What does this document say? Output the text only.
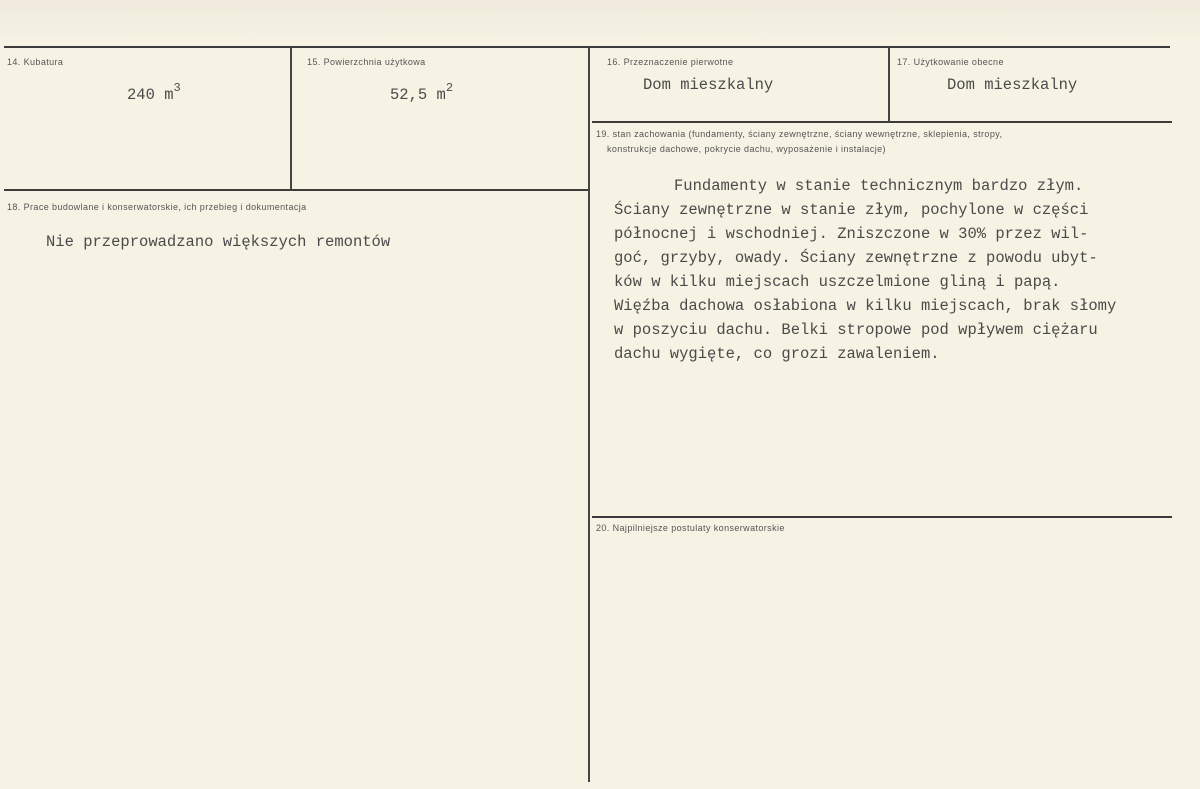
14. Kubatura
240 $m^3$
15. Powierzchnia użytkowa
52,5 $m^2$
16. Przeznaczenie pierwotne
Dom mieszkalny
17. Użytkowanie obecne
Dom mieszkalny
18. Prace budowlane i konserwatorskie, ich przebieg i dokumentacja
Nie przeprowadzano większych remontów
19. stan zachowania (fundamenty, ściany zewnętrzne, ściany wewnętrzne, sklepienia, stropy,
konstrukcje dachowe, pokrycie dachu, wyposażenie i instalacje)
Fundamenty w stanie technicznym bardzo złym.
Ściany zewnętrzne w stanie złym, pochylone w części
północnej i wschodniej. Zniszczone w 30% przez wil-
goć, grzyby, owady. Ściany zewnętrzne z powodu ubyt-
ków w kilku miejscach uszczelmione gliną i papą.
Więźba dachowa osłabiona w kilku miejscach, brak słomy
w poszyciu dachu. Belki stropowe pod wpływem ciężaru
dachu wygięte, co grozi zawaleniem.
20. Najpilniejsze postulaty konserwatorskie
